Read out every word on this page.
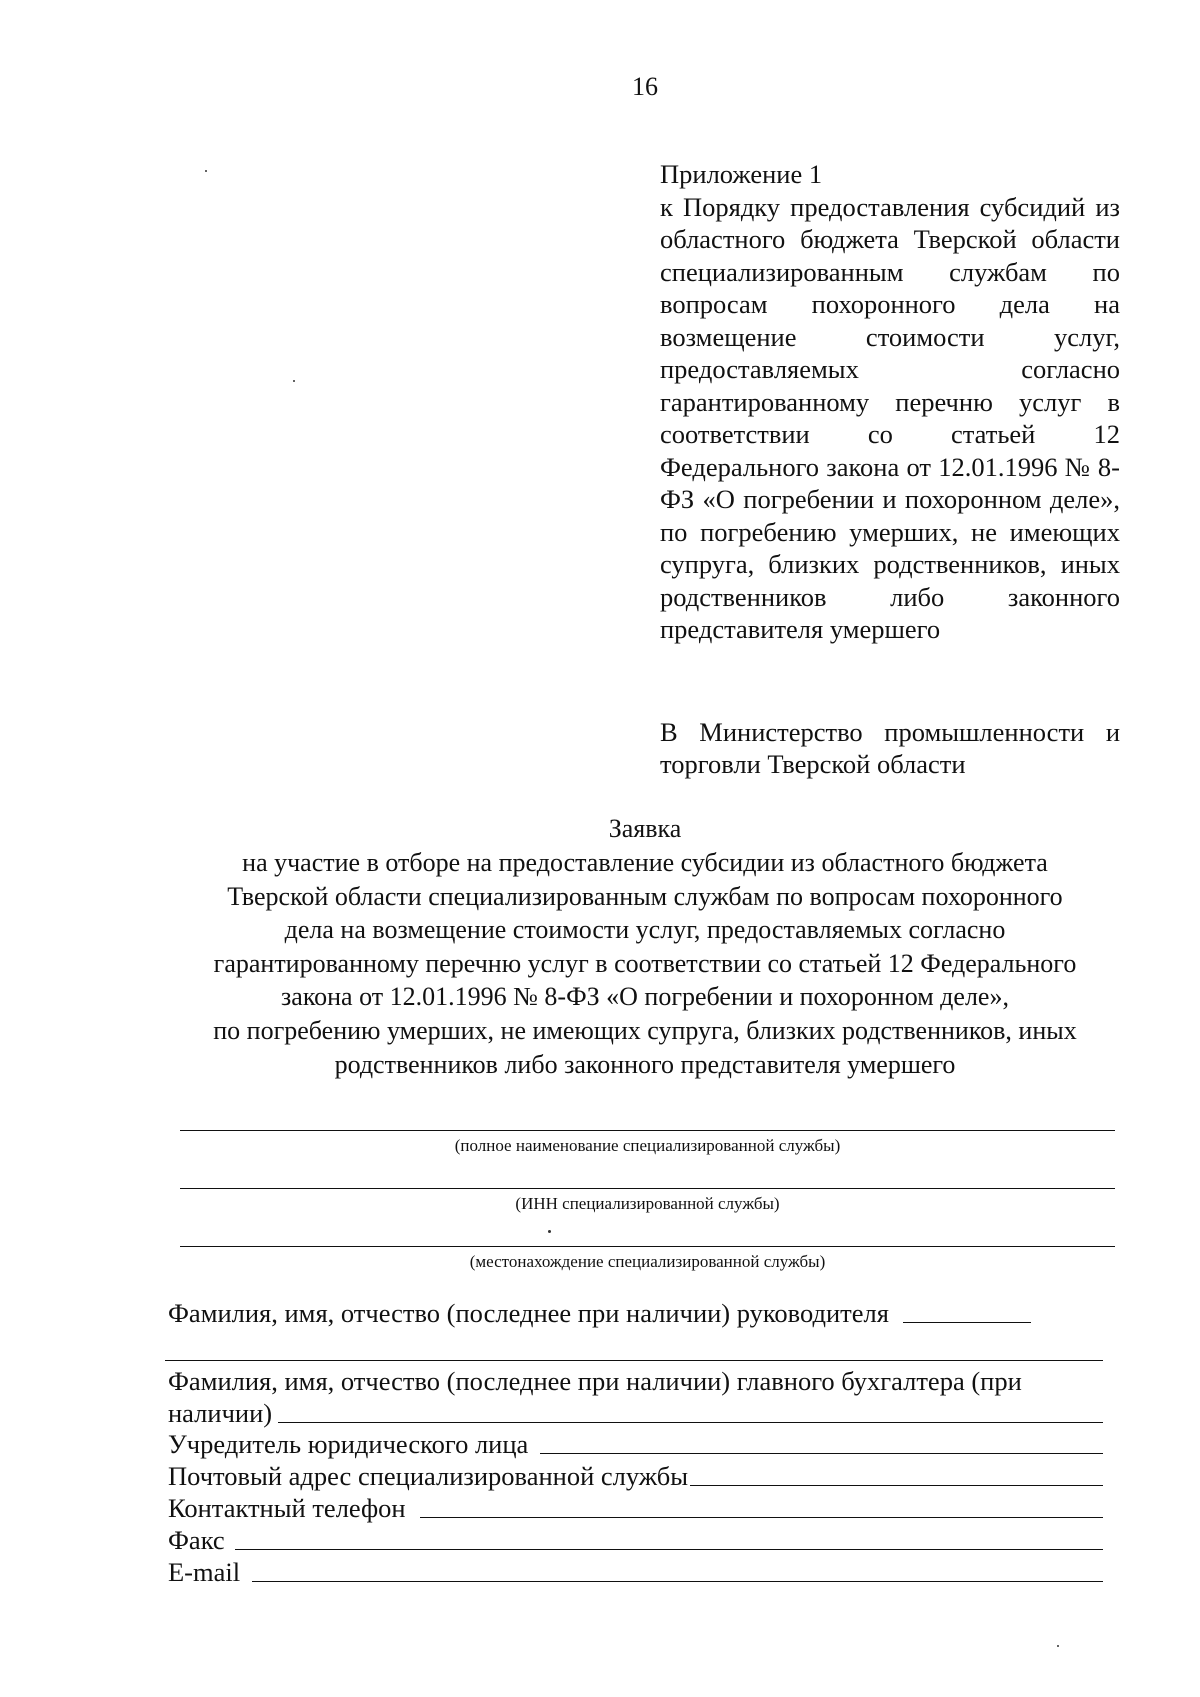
16

Приложение 1

к Порядку предоставления субсидий из областного бюджета Тверской области специализированным службам по вопросам похоронного дела на возмещение стоимости услуг, предоставляемых согласно гарантированному перечню услуг в соответствии со статьей 12 Федерального закона от 12.01.1996 № 8-ФЗ «О погребении и похоронном деле», по погребению умерших, не имеющих супруга, близких родственников, иных родственников либо законного представителя умершего

В Министерство промышленности и торговли Тверской области
Заявка
на участие в отборе на предоставление субсидии из областного бюджета
Тверской области специализированным службам по вопросам похоронного
дела на возмещение стоимости услуг, предоставляемых согласно
гарантированному перечню услуг в соответствии со статьей 12 Федерального
закона от 12.01.1996 № 8-ФЗ «О погребении и похоронном деле»,
по погребению умерших, не имеющих супруга, близких родственников, иных
родственников либо законного представителя умершего
(полное наименование специализированной службы)
(ИНН специализированной службы)
(местонахождение специализированной службы)
Фамилия, имя, отчество (последнее при наличии) руководителя
Фамилия, имя, отчество (последнее при наличии) главного бухгалтера (при
наличии)
Учредитель юридического лица
Почтовый адрес специализированной службы
Контактный телефон
Факс
E-mail
